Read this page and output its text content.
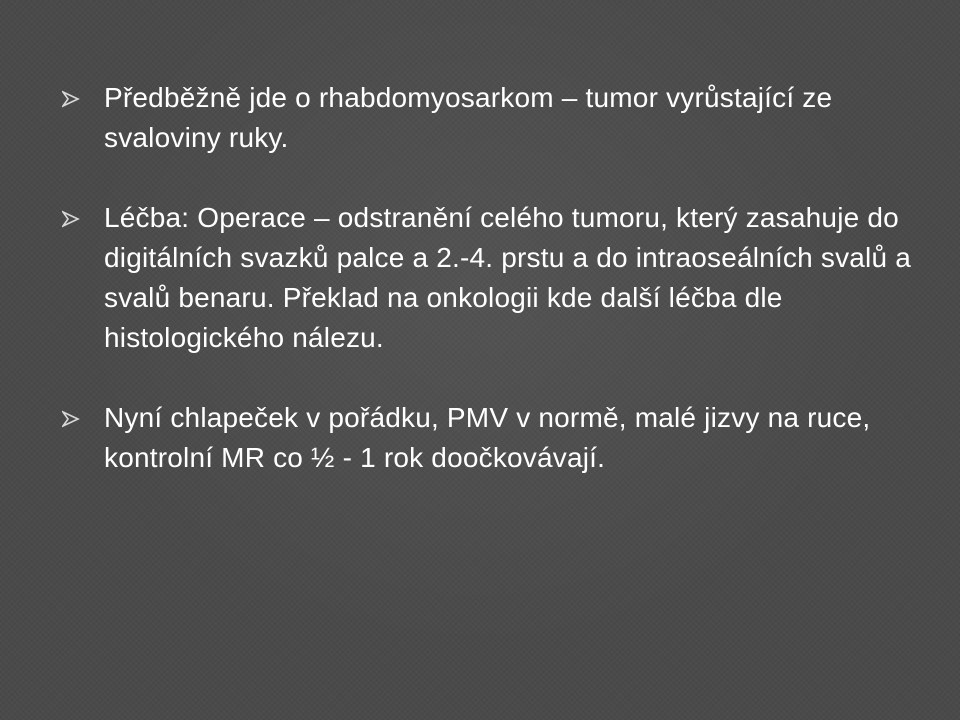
Předběžně jde o rhabdomyosarkom – tumor vyrůstající ze svaloviny ruky.
Léčba: Operace – odstranění celého tumoru, který zasahuje do digitálních svazků palce a 2.-4. prstu a do intraoseálních svalů a svalů benaru. Překlad na onkologii kde další léčba dle histologického nálezu.
Nyní chlapeček v pořádku, PMV v normě, malé jizvy na ruce, kontrolní MR co ½ - 1 rok doočkovávají.
